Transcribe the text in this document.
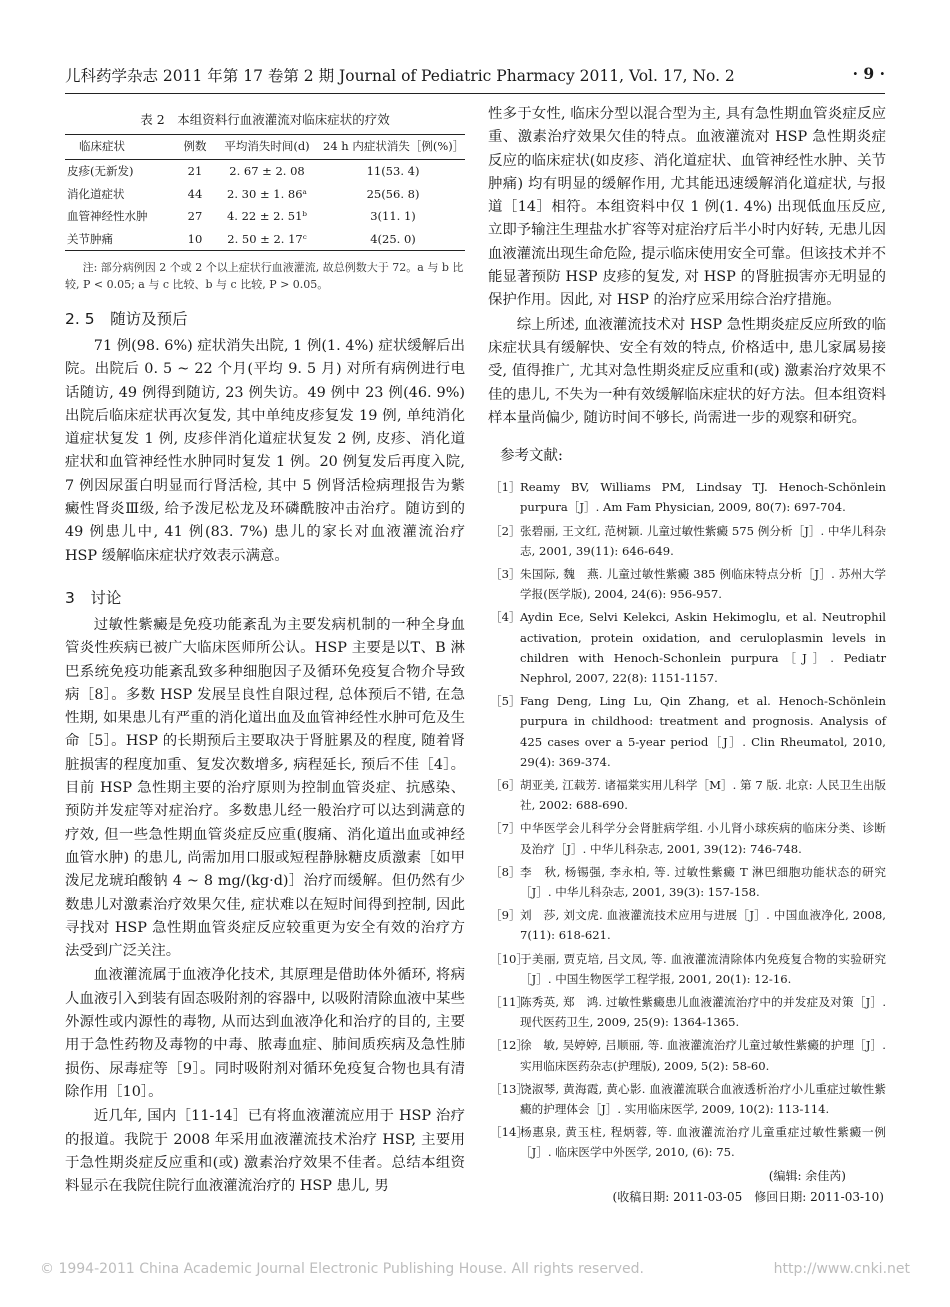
儿科药学杂志 2011 年第 17 卷第 2 期 Journal of Pediatric Pharmacy 2011, Vol. 17, No. 2	· 9 ·
表 2　本组资料行血液灌流对临床症状的疗效
临床症状	例数	平均消失时间(d)	24 h 内症状消失［例(%)］
皮疹(无新发)	21	2. 67 ± 2. 08	11(53. 4)
消化道症状	44	2. 30 ± 1. 86ᵃ	25(56. 8)
血管神经性水肿	27	4. 22 ± 2. 51ᵇ	3(11. 1)
关节肿痛	10	2. 50 ± 2. 17ᶜ	4(25. 0)

注: 部分病例因 2 个或 2 个以上症状行血液灌流, 故总例数大于 72。a 与 b 比较, P < 0.05; a 与 c 比较、b 与 c 比较, P > 0.05。

2. 5　随访及预后

71 例(98. 6%) 症状消失出院, 1 例(1. 4%) 症状缓解后出院。出院后 0. 5 ~ 22 个月(平均 9. 5 月) 对所有病例进行电话随访, 49 例得到随访, 23 例失访。49 例中 23 例(46. 9%) 出院后临床症状再次复发, 其中单纯皮疹复发 19 例, 单纯消化道症状复发 1 例, 皮疹伴消化道症状复发 2 例, 皮疹、消化道症状和血管神经性水肿同时复发 1 例。20 例复发后再度入院, 7 例因尿蛋白明显而行肾活检, 其中 5 例肾活检病理报告为紫癜性肾炎Ⅲ级, 给予泼尼松龙及环磷酰胺冲击治疗。随访到的 49 例患儿中, 41 例(83. 7%) 患儿的家长对血液灌流治疗 HSP 缓解临床症状疗效表示满意。

3　讨论

过敏性紫癜是免疫功能紊乱为主要发病机制的一种全身血管炎性疾病已被广大临床医师所公认。HSP 主要是以T、B 淋巴系统免疫功能紊乱致多种细胞因子及循环免疫复合物介导致病［8］。多数 HSP 发展呈良性自限过程, 总体预后不错, 在急性期, 如果患儿有严重的消化道出血及血管神经性水肿可危及生命［5］。HSP 的长期预后主要取决于肾脏累及的程度, 随着肾脏损害的程度加重、复发次数增多, 病程延长, 预后不佳［4］。目前 HSP 急性期主要的治疗原则为控制血管炎症、抗感染、预防并发症等对症治疗。多数患儿经一般治疗可以达到满意的疗效, 但一些急性期血管炎症反应重(腹痛、消化道出血或神经血管水肿) 的患儿, 尚需加用口服或短程静脉糖皮质激素［如甲泼尼龙琥珀酸钠 4 ~ 8 mg/(kg·d)］治疗而缓解。但仍然有少数患儿对激素治疗效果欠佳, 症状难以在短时间得到控制, 因此寻找对 HSP 急性期血管炎症反应较重更为安全有效的治疗方法受到广泛关注。

血液灌流属于血液净化技术, 其原理是借助体外循环, 将病人血液引入到装有固态吸附剂的容器中, 以吸附清除血液中某些外源性或内源性的毒物, 从而达到血液净化和治疗的目的, 主要用于急性药物及毒物的中毒、脓毒血症、肺间质疾病及急性肺损伤、尿毒症等［9］。同时吸附剂对循环免疫复合物也具有清除作用［10］。

近几年, 国内［11-14］已有将血液灌流应用于 HSP 治疗的报道。我院于 2008 年采用血液灌流技术治疗 HSP, 主要用于急性期炎症反应重和(或) 激素治疗效果不佳者。总结本组资料显示在我院住院行血液灌流治疗的 HSP 患儿, 男

性多于女性, 临床分型以混合型为主, 具有急性期血管炎症反应重、激素治疗效果欠佳的特点。血液灌流对 HSP 急性期炎症反应的临床症状(如皮疹、消化道症状、血管神经性水肿、关节肿痛) 均有明显的缓解作用, 尤其能迅速缓解消化道症状, 与报道［14］相符。本组资料中仅 1 例(1. 4%) 出现低血压反应, 立即予输注生理盐水扩容等对症治疗后半小时内好转, 无患儿因血液灌流出现生命危险, 提示临床使用安全可靠。但该技术并不能显著预防 HSP 皮疹的复发, 对 HSP 的肾脏损害亦无明显的保护作用。因此, 对 HSP 的治疗应采用综合治疗措施。

综上所述, 血液灌流技术对 HSP 急性期炎症反应所致的临床症状具有缓解快、安全有效的特点, 价格适中, 患儿家属易接受, 值得推广, 尤其对急性期炎症反应重和(或) 激素治疗效果不佳的患儿, 不失为一种有效缓解临床症状的好方法。但本组资料样本量尚偏少, 随访时间不够长, 尚需进一步的观察和研究。

参考文献:
［1］ Reamy BV, Williams PM, Lindsay TJ. Henoch-Schönlein purpura［J］. Am Fam Physician, 2009, 80(7): 697-704.
［2］ 张碧丽, 王文红, 范树颖. 儿童过敏性紫癜 575 例分析［J］. 中华儿科杂志, 2001, 39(11): 646-649.
［3］ 朱国际, 魏　燕. 儿童过敏性紫癜 385 例临床特点分析［J］. 苏州大学学报(医学版), 2004, 24(6): 956-957.
［4］ Aydin Ece, Selvi Kelekci, Askin Hekimoglu, et al. Neutrophil activation, protein oxidation, and ceruloplasmin levels in children with Henoch-Schonlein purpura［J］. Pediatr Nephrol, 2007, 22(8): 1151-1157.
［5］ Fang Deng, Ling Lu, Qin Zhang, et al. Henoch-Schönlein purpura in childhood: treatment and prognosis. Analysis of 425 cases over a 5-year period［J］. Clin Rheumatol, 2010, 29(4): 369-374.
［6］ 胡亚美, 江载芳. 诸福棠实用儿科学［M］. 第 7 版. 北京: 人民卫生出版社, 2002: 688-690.
［7］ 中华医学会儿科学分会肾脏病学组. 小儿肾小球疾病的临床分类、诊断及治疗［J］. 中华儿科杂志, 2001, 39(12): 746-748.
［8］ 李　秋, 杨锡强, 李永柏, 等. 过敏性紫癜 T 淋巴细胞功能状态的研究［J］. 中华儿科杂志, 2001, 39(3): 157-158.
［9］ 刘　莎, 刘文虎. 血液灌流技术应用与进展［J］. 中国血液净化, 2008, 7(11): 618-621.
［10］
于美丽, 贾克培, 吕文凤, 等. 血液灌流清除体内免疫复合物的实验研究［J］. 中国生物医学工程学报, 2001, 20(1): 12-16.
［11］
陈秀英, 郑　鸿. 过敏性紫癜患儿血液灌流治疗中的并发症及对策［J］. 现代医药卫生, 2009, 25(9): 1364-1365.
［12］
徐　敏, 吴婷婷, 吕顺丽, 等. 血液灌流治疗儿童过敏性紫癜的护理［J］. 实用临床医药杂志(护理版), 2009, 5(2): 58-60.
［13］
饶淑琴, 黄海霞, 黄心影. 血液灌流联合血液透析治疗小儿重症过敏性紫癜的护理体会［J］. 实用临床医学, 2009, 10(2): 113-114.
［14］
杨惠泉, 黄玉柱, 程炳蓉, 等. 血液灌流治疗儿童重症过敏性紫癜一例［J］. 临床医学中外医学, 2010, (6): 75.
(编辑: 余佳芮)
(收稿日期: 2011-03-05　修回日期: 2011-03-10)
© 1994-2011 China Academic Journal Electronic Publishing House. All rights reserved.	http://www.cnki.net
